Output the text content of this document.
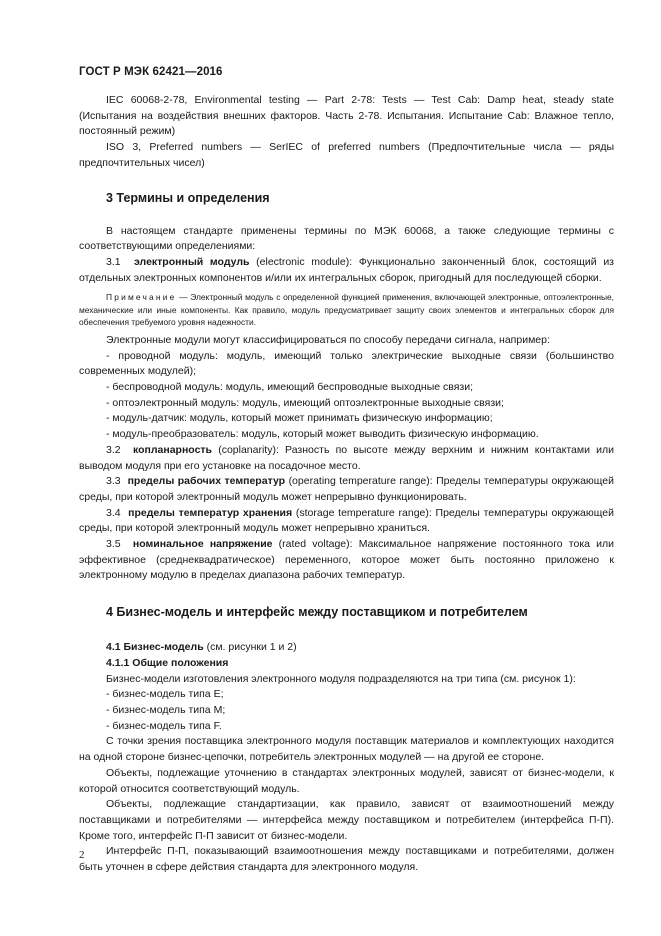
ГОСТ Р МЭК 62421—2016

IEC 60068-2-78, Environmental testing — Part 2-78: Tests — Test Cab: Damp heat, steady state

(Испытания на воздействия внешних факторов. Часть 2-78. Испытания. Испытание Cab: Влажное тепло, постоянный режим)

ISO 3, Preferred numbers — SerIEC of preferred numbers (Предпочтительные числа — ряды

предпочтительных чисел)

3 Термины и определения

В настоящем стандарте применены термины по МЭК 60068, а также следующие термины с соответствующими определениями:

3.1 электронный модуль (electronic module): Функционально законченный блок, состоящий из отдельных электронных компонентов и/или их интегральных сборок, пригодный для последующей сборки.

Примечание — Электронный модуль с определенной функцией применения, включающей электронные, оптоэлектронные, механические или иные компоненты. Как правило, модуль предусматривает защиту своих элементов и интегральных сборок для обеспечения требуемого уровня надежности.

Электронные модули могут классифицироваться по способу передачи сигнала, например:

- проводной модуль: модуль, имеющий только электрические выходные связи (большинство современных модулей);

- беспроводной модуль: модуль, имеющий беспроводные выходные связи;

- оптоэлектронный модуль: модуль, имеющий оптоэлектронные выходные связи;

- модуль-датчик: модуль, который может принимать физическую информацию;

- модуль-преобразователь: модуль, который может выводить физическую информацию.

3.2 копланарность (coplanarity): Разность по высоте между верхним и нижним контактами или выводом модуля при его установке на посадочное место.

3.3 пределы рабочих температур (operating temperature range): Пределы температуры окружающей среды, при которой электронный модуль может непрерывно функционировать.

3.4 пределы температур хранения (storage temperature range): Пределы температуры окружающей среды, при которой электронный модуль может непрерывно храниться.

3.5 номинальное напряжение (rated voltage): Максимальное напряжение постоянного тока или эффективное (среднеквадратическое) переменного, которое может быть постоянно приложено к электронному модулю в пределах диапазона рабочих температур.

4 Бизнес-модель и интерфейс между поставщиком и потребителем

4.1 Бизнес-модель (см. рисунки 1 и 2)

4.1.1 Общие положения

Бизнес-модели изготовления электронного модуля подразделяются на три типа (см. рисунок 1):

- бизнес-модель типа E;

- бизнес-модель типа M;

- бизнес-модель типа F.

С точки зрения поставщика электронного модуля поставщик материалов и комплектующих находится на одной стороне бизнес-цепочки, потребитель электронных модулей — на другой ее стороне.

Объекты, подлежащие уточнению в стандартах электронных модулей, зависят от бизнес-модели, к которой относится соответствующий модуль.

Объекты, подлежащие стандартизации, как правило, зависят от взаимоотношений между поставщиками и потребителями — интерфейса между поставщиком и потребителем (интерфейса П-П). Кроме того, интерфейс П-П зависит от бизнес-модели.

Интерфейс П-П, показывающий взаимоотношения между поставщиками и потребителями, должен быть уточнен в сфере действия стандарта для электронного модуля.

2
